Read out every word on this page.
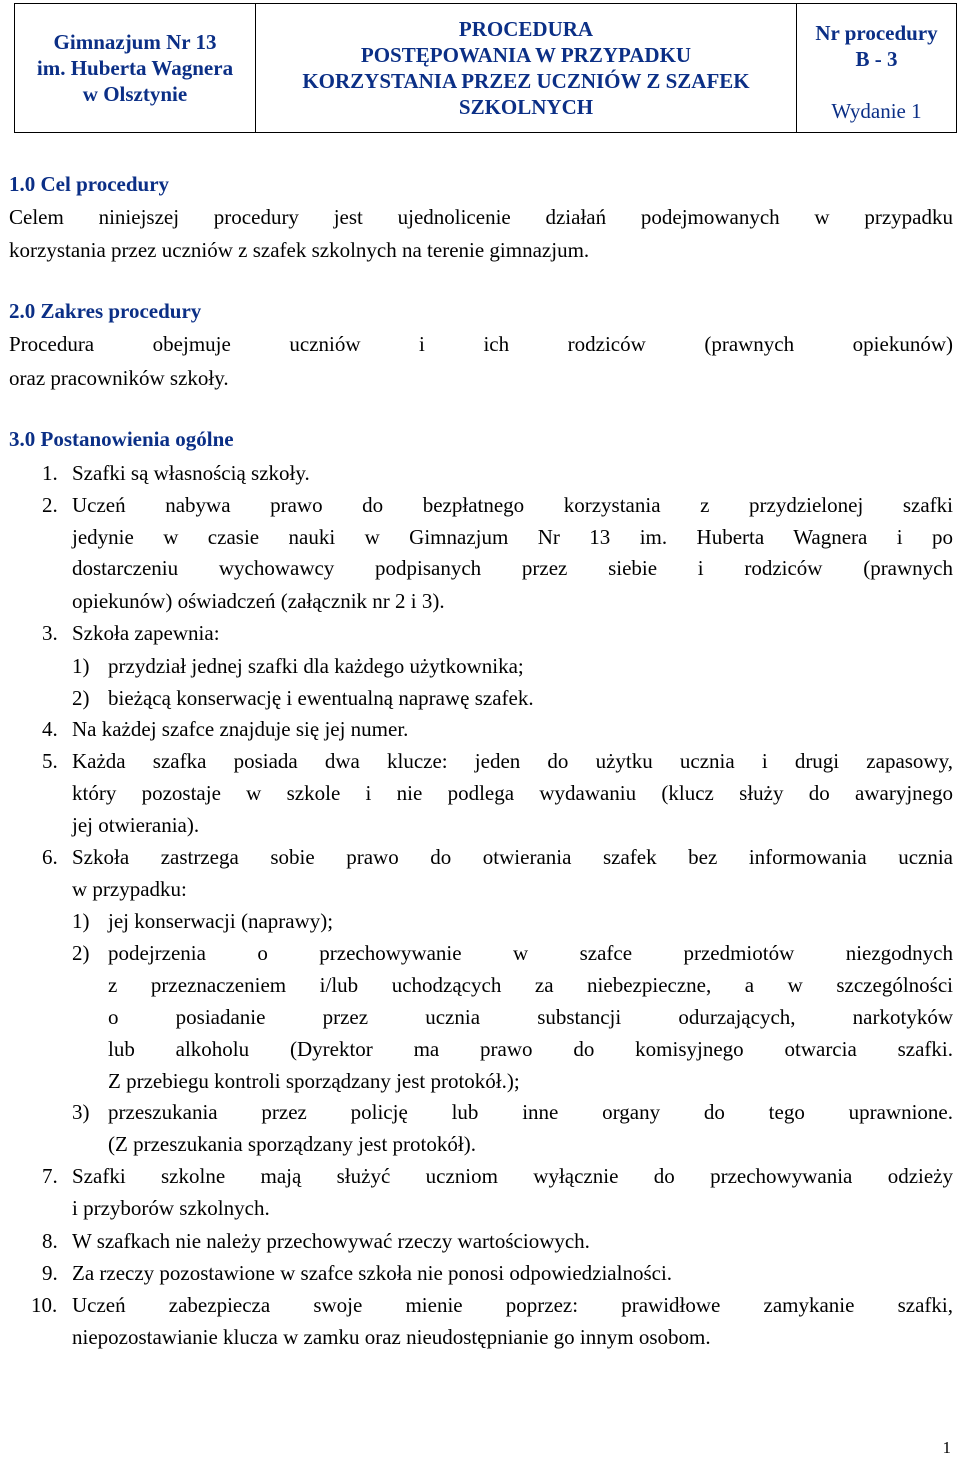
Gimnazjum Nr 13
im. Huberta Wagnera
w Olsztynie

PROCEDURA
POSTĘPOWANIA W PRZYPADKU
KORZYSTANIA PRZEZ UCZNIÓW Z SZAFEK
SZKOLNYCH

Nr procedury
B - 3
Wydanie 1
1.0 Cel procedury
Celem niniejszej procedury jest ujednolicenie działań podejmowanych w przypadku
korzystania przez uczniów z szafek szkolnych na terenie gimnazjum.
2.0 Zakres procedury
Procedura obejmuje uczniów i ich rodziców (prawnych opiekunów)
oraz pracowników szkoły.
3.0 Postanowienia ogólne
1. Szafki są własnością szkoły.
2. Uczeń nabywa prawo do bezpłatnego korzystania z przydzielonej szafki
jedynie w czasie nauki w Gimnazjum Nr 13 im. Huberta Wagnera i po
dostarczeniu wychowawcy podpisanych przez siebie i rodziców (prawnych
opiekunów) oświadczeń (załącznik nr 2 i 3).
3. Szkoła zapewnia:
1) przydział jednej szafki dla każdego użytkownika;
2) bieżącą konserwację i ewentualną naprawę szafek.
4. Na każdej szafce znajduje się jej numer.
5. Każda szafka posiada dwa klucze: jeden do użytku ucznia i drugi zapasowy,
który pozostaje w szkole i nie podlega wydawaniu (klucz służy do awaryjnego
jej otwierania).
6. Szkoła zastrzega sobie prawo do otwierania szafek bez informowania ucznia
w przypadku:
1) jej konserwacji (naprawy);
2) podejrzenia o przechowywanie w szafce przedmiotów niezgodnych
z przeznaczeniem i/lub uchodzących za niebezpieczne, a w szczególności
o posiadanie przez ucznia substancji odurzających, narkotyków
lub alkoholu (Dyrektor ma prawo do komisyjnego otwarcia szafki.
Z przebiegu kontroli sporządzany jest protokół.);
3) przeszukania przez policję lub inne organy do tego uprawnione.
(Z przeszukania sporządzany jest protokół).
7. Szafki szkolne mają służyć uczniom wyłącznie do przechowywania odzieży
i przyborów szkolnych.
8. W szafkach nie należy przechowywać rzeczy wartościowych.
9. Za rzeczy pozostawione w szafce szkoła nie ponosi odpowiedzialności.
10. Uczeń zabezpiecza swoje mienie poprzez: prawidłowe zamykanie szafki,
niepozostawianie klucza w zamku oraz nieudostępnianie go innym osobom.
1
